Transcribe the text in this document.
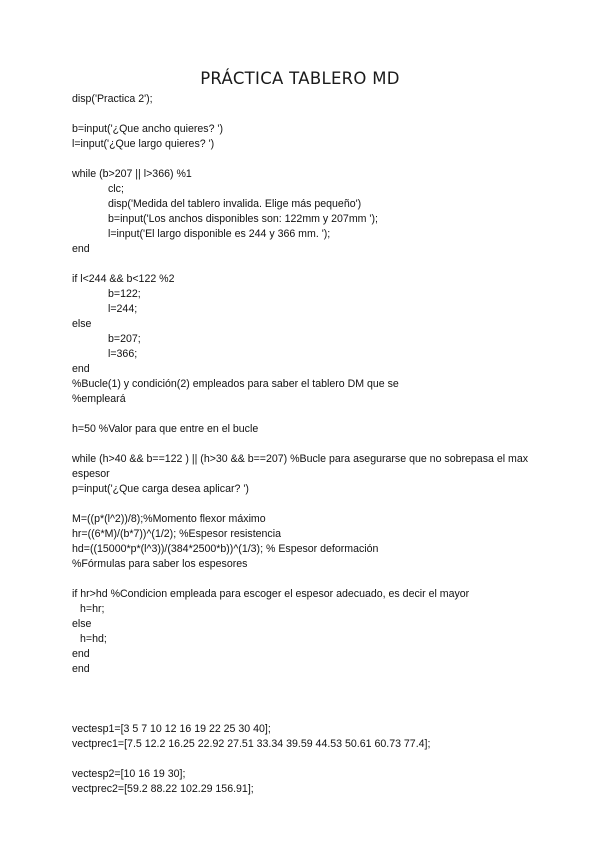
PRÁCTICA TABLERO MD
disp('Practica 2');
b=input('¿Que ancho quieres? ')
l=input('¿Que largo quieres? ')
while (b>207 || l>366) %1
clc;
disp('Medida del tablero invalida. Elige más pequeño')
b=input('Los anchos disponibles son: 122mm y 207mm ');
l=input('El largo disponible es 244 y 366 mm. ');
end
if l<244 && b<122 %2
b=122;
l=244;
else
b=207;
l=366;
end
%Bucle(1) y condición(2) empleados para saber el tablero DM que se
%empleará
h=50 %Valor para que entre en el bucle
while (h>40 && b==122 ) || (h>30 && b==207) %Bucle para asegurarse que no sobrepasa el max espesor
p=input('¿Que carga desea aplicar? ')
M=((p*(l^2))/8);%Momento flexor máximo
hr=((6*M)/(b*7))^(1/2); %Espesor resistencia
hd=((15000*p*(l^3))/(384*2500*b))^(1/3); % Espesor deformación
%Fórmulas para saber los espesores
if hr>hd %Condicion empleada para escoger el espesor adecuado, es decir el mayor
h=hr;
else
h=hd;
end
end
vectesp1=[3 5 7 10 12 16 19 22 25 30 40];
vectprec1=[7.5 12.2 16.25 22.92 27.51 33.34 39.59 44.53 50.61 60.73 77.4];
vectesp2=[10 16 19 30];
vectprec2=[59.2 88.22 102.29 156.91];
